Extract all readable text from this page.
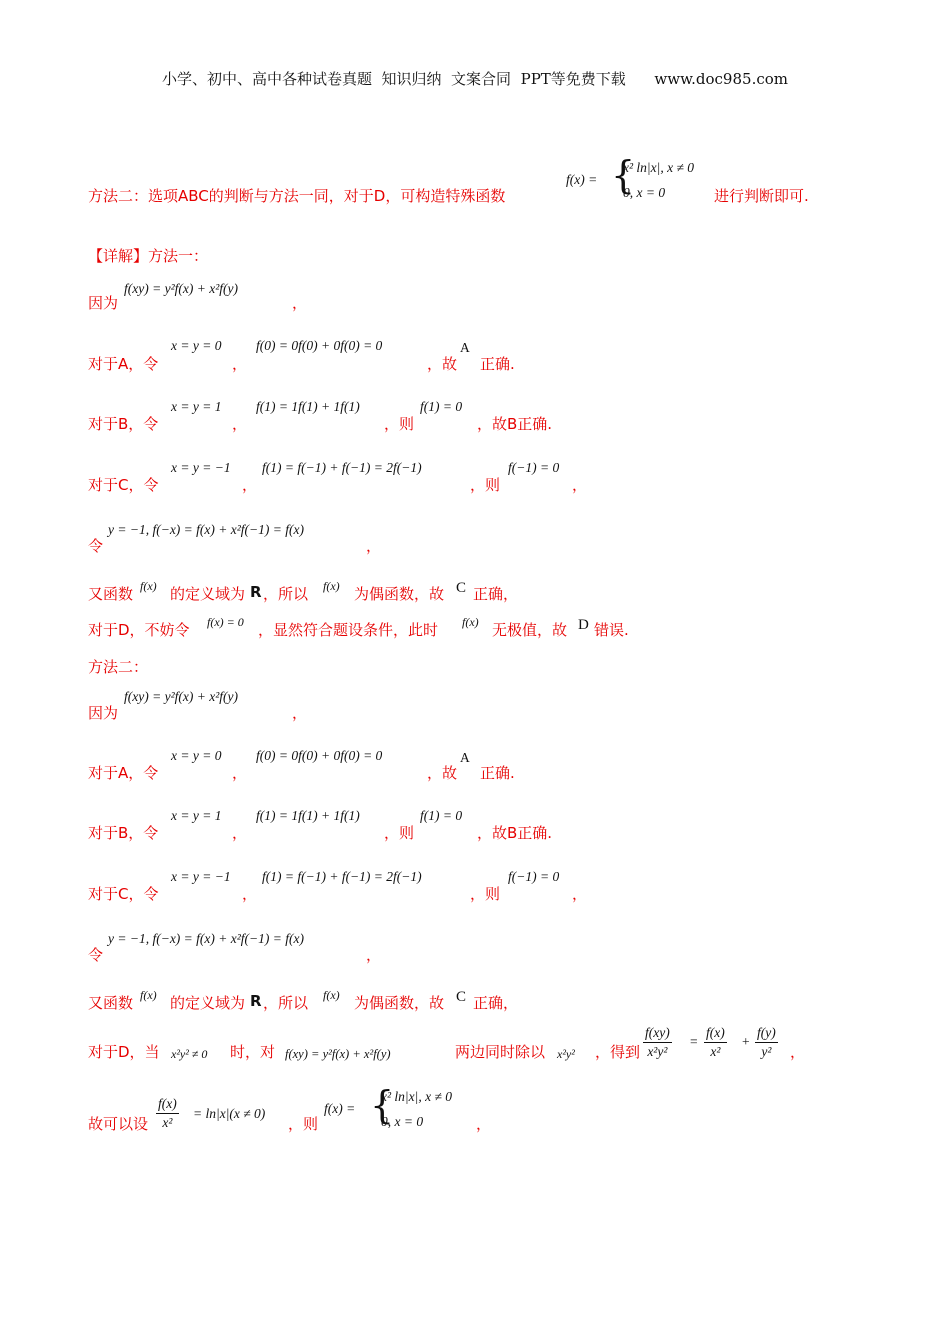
小学、初中、高中各种试卷真题  知识归纳  文案合同  PPT等免费下载      www.doc985.com
方法二：选项ABC的判断与方法一同，对于D，可构造特殊函数
f(x) = {
x² ln|x|, x ≠ 0
0, x = 0	进行判断即可.
【详解】方法一：
因为
f(xy) = y²f(x) + x²f(y)
，
对于A，令
x = y = 0
，
f(0) = 0f(0) + 0f(0) = 0
，故
A
正确.
对于B，令
x = y = 1
，
f(1) = 1f(1) + 1f(1)
，则
f(1) = 0
，故B正确.
对于C，令
x = y = −1
，
f(1) = f(−1) + f(−1) = 2f(−1)
，则
f(−1) = 0
，
令
y = −1, f(−x) = f(x) + x²f(−1) = f(x)
，
又函数 f(x) 的定义域为 R ，所以 f(x) 为偶函数，故 C 正确，
对于D，不妨令 f(x) = 0 ，显然符合题设条件，此时 f(x) 无极值，故 D 错误.
方法二：
因为
f(xy) = y²f(x) + x²f(y)
，
对于A，令
x = y = 0
，
f(0) = 0f(0) + 0f(0) = 0
，故
A
正确.
对于B，令
x = y = 1
，
f(1) = 1f(1) + 1f(1)
，则
f(1) = 0
，故B正确.
对于C，令
x = y = −1
，
f(1) = f(−1) + f(−1) = 2f(−1)
，则
f(−1) = 0
，
令
y = −1, f(−x) = f(x) + x²f(−1) = f(x)
，
又函数 f(x) 的定义域为 R ，所以 f(x) 为偶函数，故 C 正确，
对于D，当 x²y² ≠ 0 时，对 f(xy) = y²f(x) + x²f(y)	两边同时除以 x²y² ，得到 $\frac{f(xy)}{\text{x²y²}} = \frac{f(x)}{\text{x²}} + \frac{f(y)}{\text{y²}}$ ，
故可以设 $\frac{f(x)}{\text{x²}} = \ln|x|(x \ne 0)$
，则
f(x) = {
x² ln|x|, x ≠ 0
0, x = 0	，
